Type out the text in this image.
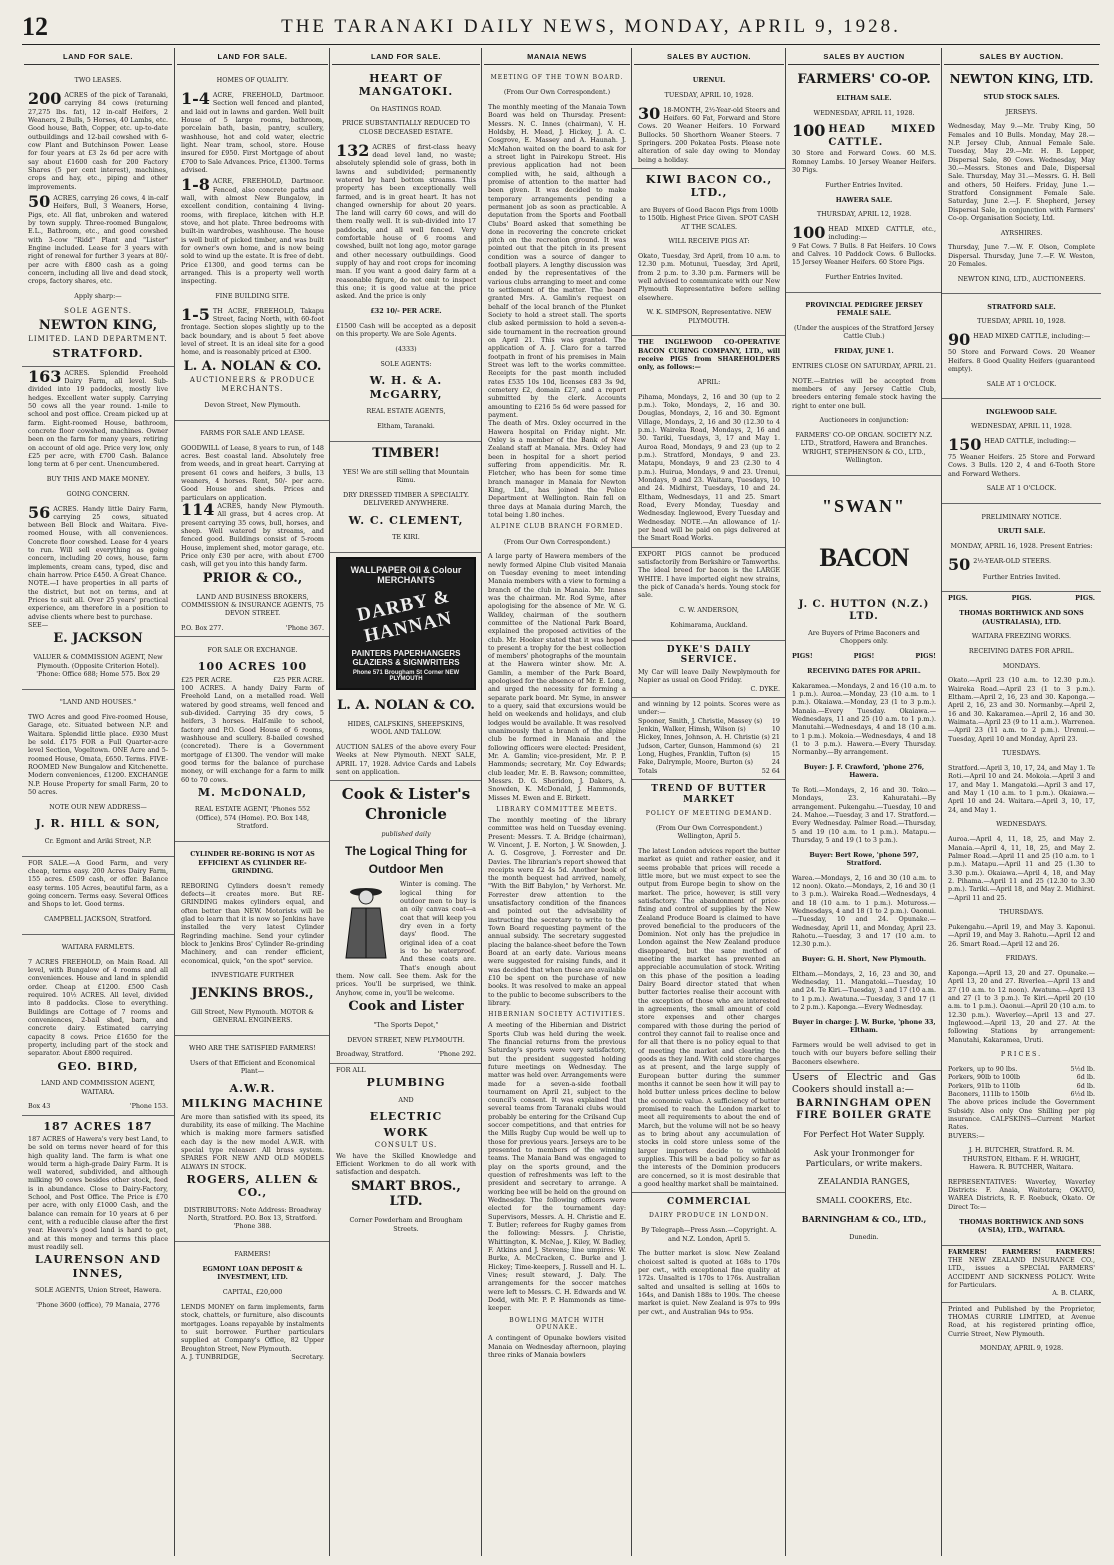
12	THE TARANAKI DAILY NEWS, MONDAY, APRIL 9, 1928.
LAND FOR SALE.

TWO LEASES.

200 ACRES of the pick of Taranaki, carrying 84 cows (returning 27,275 lbs. fat), 12 in-calf Heifers, 2 Weaners, 2 Bulls, 5 Horses, 40 Lambs, etc. Good house, Bath, Copper, etc. up-to-date outbuildings and 12-bail cowshed with 6-cow Plant and Butchinson Power. Lease for four years at £3 2s 6d per acre with say about £1600 cash for 200 Factory Shares (5 per cent interest), machines, crops and hay, etc., piping and other improvements.

50 ACRES, carrying 26 cows, 4 in-calf Heifers, Bull, 3 Weaners, Horse, Pigs, etc. All flat, unbroken and watered by town supply. Three-roomed Bungalow, E.L., Bathroom, etc., and good cowshed with 3-cow "Ridd" Plant and "Lister" Engine included. Lease for 3 years with right of renewal for further 3 years at 80/- per acre with £800 cash as a going concern, including all live and dead stock, crops, factory shares, etc.

Apply sharp:—

SOLE AGENTS.

NEWTON KING,

LIMITED. LAND DEPARTMENT.

STRATFORD.

163 ACRES. Splendid Freehold Dairy Farm, all level. Sub-divided into 19 paddocks, mostly live hedges. Excellent water supply. Carrying 50 cows all the year round. 1-mile to school and post office. Cream picked up at farm. Eight-roomed House, bathroom, concrete floor cowshed, machines. Owner been on the farm for many years, retiring on account of old age. Price very low, only £25 per acre, with £700 Cash. Balance long term at 6 per cent. Unencumbered.

BUY THIS AND MAKE MONEY.

GOING CONCERN.

56 ACRES. Handy little Dairy Farm, carrying 25 cows, situated between Bell Block and Waitara. Five-roomed House, with all conveniences. Concrete floor cowshed. Lease for 4 years to run. Will sell everything as going concern, including 20 cows, house, farm implements, cream cans, typed, disc and chain harrow. Price £450. A Great Chance.

NOTE.—I have properties in all parts of the district, but not on terms, and at Prices to suit all. Over 25 years' practical experience, am therefore in a position to advise clients where best to purchase.

SEE—

E. JACKSON

VALUER & COMMISSION AGENT, New Plymouth. (Opposite Criterion Hotel). 'Phone: Office 688; Home 575. Box 29

"LAND AND HOUSES."

TWO Acres and good Five-roomed House, Garage, etc. Situated between N.P. and Waitara. Splendid little place. £930 Must be sold. £175 FOR a Full Quarter-acre level Section, Vogeltown. ONE Acre and 5-roomed House, Omata, £650. Terms. FIVE-ROOMED New Bungalow and Kitchenette. Modern conveniences, £1200. EXCHANGE N.P. House Property for small Farm, 20 to 50 acres.

NOTE OUR NEW ADDRESS—

J. R. HILL & SON,

Cr. Egmont and Ariki Street, N.P.

FOR SALE.—A Good Farm, and very cheap, terms easy. 200 Acres Dairy Farm, 155 acres. £509 cash, or offer. Balance easy terms. 105 Acres, beautiful farm, as a going concern. Terms easy. Several Offices and Shops to let. Good terms.

CAMPBELL JACKSON, Stratford.

WAITARA FARMLETS.

7 ACRES FREEHOLD, on Main Road. All level, with Bungalow of 4 rooms and all conveniences. House and land in splendid order. Cheap at £1200. £500 Cash required. 10½ ACRES. All level, divided into 8 paddocks. Close to everything. Buildings are Cottage of 7 rooms and conveniences, 2-bail shed, barn, and concrete dairy. Estimated carrying capacity 8 cows. Price £1650 for the property, including part of the stock and separator. About £800 required.

GEO. BIRD,

LAND AND COMMISSION AGENT, WAITARA.

Box 43	'Phone 153.

187 ACRES 187

187 ACRES of Hawera's very best Land, to be sold on terms never heard of for this high quality land. The farm is what one would term a high-grade Dairy Farm. It is well watered, subdivided, and although milking 90 cows besides other stock, feed is in abundance. Close to Dairy-Factory, School, and Post Office. The Price is £70 per acre, with only £1000 Cash, and the balance can remain for 10 years at 6 per cent, with a reducible clause after the first year. Hawera's good land is hard to get, and at this money and terms this place must readily sell.

LAURENSON AND INNES,

SOLE AGENTS, Union Street, Hawera.

'Phone 3600 (office), 79 Manaia, 2776

LAND FOR SALE.

HOMES OF QUALITY.

1-4 ACRE, FREEHOLD, Dartmoor. Section well fenced and planted, and laid out in lawns and garden. Well built House of 5 large rooms, bathroom, porcelain bath, basin, pantry, scullery, washhouse, hot and cold water, electric light. Near tram, school, store. House insured for £950. First Mortgage of about £700 to Sale Advances. Price, £1300. Terms advised.

1-8 ACRE, FREEHOLD, Dartmoor. Fenced, also concrete paths and wall, with almost New Bungalow, in excellent condition, containing 4 living-rooms, with fireplace, kitchen with H.P. stove, and hot plate. Three bedrooms with built-in wardrobes, washhouse. The house is well built of picked timber, and was built for owner's own home, and is now being sold to wind up the estate. It is free of debt. Price £1300, and good terms can be arranged. This is a property well worth inspecting.

FINE BUILDING SITE.

1-5 TH ACRE, FREEHOLD, Takapu Street, facing North, with 60-foot frontage. Section slopes slightly up to the back boundary, and is about 5 feet above level of street. It is an ideal site for a good home, and is reasonably priced at £300.

L. A. NOLAN & CO.

AUCTIONEERS & PRODUCE MERCHANTS.

Devon Street, New Plymouth.

FARMS FOR SALE AND LEASE.

GOODWILL of Lease, 8 years to run, of 148 acres. Best coastal land. Absolutely free from weeds, and in great heart. Carrying at present 61 cows and heifers, 3 bulls, 13 weaners, 4 horses. Rent, 50/- per acre. Good House and sheds. Prices and particulars on application.

114 ACRES, handy New Plymouth. All grass, but 4 acres crop. At present carrying 35 cows, bull, horses, and sheep. Well watered by streams, and fenced good. Buildings consist of 5-room House, implement shed, motor garage, etc. Price only £30 per acre, with about £700 cash, will get you into this handy farm.

PRIOR & CO.,

LAND AND BUSINESS BROKERS, COMMISSION & INSURANCE AGENTS, 75 DEVON STREET.

P.O. Box 277.	'Phone 367.

FOR SALE OR EXCHANGE.

100 ACRES 100

£25 PER ACRE.	£25 PER ACRE.

100 ACRES. A handy Dairy Farm of Freehold Land, on a metalled road. Well watered by good streams, well fenced and sub-divided. Carrying 35 dry cows, 5 heifers, 3 horses. Half-mile to school, factory and P.O. Good House of 6 rooms, washhouse and scullery. 8-bailed cowshed (concreted). There is a Government mortgage of £1300. The vendor will make good terms for the balance of purchase money, or will exchange for a farm to milk 60 to 70 cows.

M. McDONALD,

REAL ESTATE AGENT, 'Phones 552 (Office), 574 (Home). P.O. Box 148, Stratford.

CYLINDER RE-BORING IS NOT AS EFFICIENT AS CYLINDER RE-GRINDING.

REBORING Cylinders doesn't remedy defects—it creates more. But RE-GRINDING makes cylinders equal, and often better than NEW. Motorists will be glad to learn that it is now so Jenkins have installed the very latest Cylinder Regrinding machine. Send your cylinder block to Jenkins Bros' Cylinder Re-grinding Machinery, and can render efficient, economical, quick, "on the spot" service.

INVESTIGATE FURTHER

JENKINS BROS.,

Gill Street, New Plymouth. MOTOR & GENERAL ENGINEERS.

WHO ARE THE SATISFIED FARMERS!

Users of that Efficient and Economical Plant—

A.W.R.

MILKING MACHINE

Are more than satisfied with its speed, its durability, its ease of milking. The Machine which is making more farmers satisfied each day is the new model A.W.R. with special type releaser. All brass system. SPARES FOR NEW AND OLD MODELS ALWAYS IN STOCK.

ROGERS, ALLEN & CO.,

DISTRIBUTORS: Note Address: Broadway North, Stratford. P.O. Box 13, Stratford. 'Phone 388.

FARMERS!

EGMONT LOAN DEPOSIT & INVESTMENT, LTD.

CAPITAL, £20,000

LENDS MONEY on farm implements, farm stock, chattels, or furniture, also discounts mortgages. Loans repayable by instalments to suit borrower. Further particulars supplied at Company's Office, 82 Upper Broughton Street, New Plymouth.

A. J. TUNBRIDGE,	Secretary.
LAND FOR SALE.

HEART OF MANGATOKI.

On HASTINGS ROAD.

PRICE SUBSTANTIALLY REDUCED TO CLOSE DECEASED ESTATE.

132 ACRES of first-class heavy dead level land, no waste; absolutely splendid sole of grass, both in lawns and subdivided; permanently watered by hard bottom streams. This property has been exceptionally well farmed, and is in great heart. It has not changed ownership for about 20 years. The land will carry 60 cows, and will do them really well. It is sub-divided into 17 paddocks, and all well fenced. Very comfortable house of 6 rooms and cowshed, built not long ago, motor garage and other necessary outbuildings. Good supply of hay and root crops for incoming man. If you want a good dairy farm at a reasonable figure, do not omit to inspect this one; it is good value at the price asked. And the price is only

£32 10/- PER ACRE.

£1500 Cash will be accepted as a deposit on this property. We are Sole Agents.

(4333)

SOLE AGENTS:

W. H. & A. McGARRY,

REAL ESTATE AGENTS,

Eltham, Taranaki.

TIMBER!

YES! We are still selling that Mountain Rimu.

DRY DRESSED TIMBER A SPECIALTY. DELIVERED ANYWHERE.

W. C. CLEMENT,

TE KIRI.

WALLPAPER Oil & Colour MERCHANTS
DARBY & HANNAN
PAINTERS PAPERHANGERS GLAZIERS & SIGNWRITERS
Phone 571 Brougham St Corner NEW PLYMOUTH

L. A. NOLAN & CO.

HIDES, CALFSKINS, SHEEPSKINS, WOOL AND TALLOW.

AUCTION SALES of the above every Four Weeks at New Plymouth. NEXT SALE, APRIL 17, 1928. Advice Cards and Labels sent on application.

Cook & Lister's

Chronicle

published daily

The Logical Thing for

Outdoor Men

Winter is coming. The logical thing for outdoor men to buy is an oily canvas coat—a coat that will keep you dry even in a forty days' flood. The original idea of a coat is to be waterproof. And these coats are. That's enough about them. Now call. See them. Ask for the prices. You'll be surprised, we think. Anyhow, come in, you'll be welcome.

Cook and Lister

"The Sports Depot,"

DEVON STREET, NEW PLYMOUTH.

Broadway, Stratford.	'Phone 292.

FOR ALL

PLUMBING

AND

ELECTRIC

WORK

CONSULT US.

We have the Skilled Knowledge and Efficient Workmen to do all work with satisfaction and despatch.

SMART BROS., LTD.

Corner Powderham and Brougham Streets.

MANAIA NEWS

MEETING OF THE TOWN BOARD.

(From Our Own Correspondent.)

The monthly meeting of the Manaia Town Board was held on Thursday. Present: Messrs. N. C. Innes (chairman), V. H. Holdsby, H. Mead, J. Hickey, J. A. C. Cosgrove, E. Massey and A. Haunah. J. McMahon waited on the board to ask for a street light in Pairekopu Street. His previous application had not been complied with, he said, although a promise of attention to the matter had been given. It was decided to make temporary arrangements pending a permanent job as soon as practicable. A deputation from the Sports and Football Clubs' Board asked that something be done in recovering the concrete cricket pitch on the recreation ground. It was pointed out that the pitch in its present condition was a source of danger to football players. A lengthy discussion was ended by the representatives of the various clubs arranging to meet and come to settlement of the matter. The board granted Mrs. A. Gamlin's request on behalf of the local branch of the Plunket Society to hold a street stall. The sports club asked permission to hold a seven-a-side tournament in the recreation ground on April 21. This was granted. The application of A. J. Claro for a tarred footpath in front of his premises in Main Street was left to the works committee. Receipts for the past month included rates £535 10s 10d, licenses £83 3s 9d, cemetery £2, domain £27, and a report submitted by the clerk. Accounts amounting to £216 5s 6d were passed for payment.

The death of Mrs. Oxley occurred in the Hawera hospital on Friday night. Mr. Oxley is a member of the Bank of New Zealand staff at Manaia. Mrs. Oxley had been in hospital for a short period suffering from appendicitis. Mr. R. Fletcher, who has been for some time branch manager in Manaia for Newton King, Ltd., has joined the Police Department at Wellington. Rain fell on three days at Manaia during March, the total being 1.80 inches.

ALPINE CLUB BRANCH FORMED.

(From Our Own Correspondent.)

A large party of Hawera members of the newly formed Alpine Club visited Manaia on Tuesday evening to meet intending Manaia members with a view to forming a branch of the club in Manaia. Mr. Innes was the chairman. Mr. Rod Syme, after apologising for the absence of Mr. W. G. Walkley, chairman of the southern committee of the National Park Board, explained the proposed activities of the club. Mr. Hooker stated that it was hoped to present a trophy for the best collection of members' photographs of the mountain at the Hawera winter show. Mr. A. Gamlin, a member of the Park Board, apologised for the absence of Mr. E. Long, and urged the necessity for forming a separate park board. Mr. Syme, in answer to a query, said that excursions would be held on weekends and holidays, and club lodges would be available. It was resolved unanimously that a branch of the alpine club be formed in Manaia and the following officers were elected: President, Mr. A. Gamlin; vice-president, Mr. P. P. Hammonds; secretary, Mr. Coy Edwards; club leader, Mr. E. B. Rawson; committee, Messrs. D. G. Sheridon, J. Dakers, A. Snowden, K. McDonald, J. Hammonds, Misses M. Ewen and E. Birkett.

LIBRARY COMMITTEE MEETS.

The monthly meeting of the library committee was held on Tuesday evening. Present: Messrs. T. A. Bridge (chairman), W. Vincent, J. E. Norton, J. W. Snowden, J. A. G. Cosgrove, J. Forrester and Dr. Davies. The librarian's report showed that receipts were £2 4s 5d. Another book of the month bequest had arrived, namely, "With the Biff Babylon," by Verhorst. Mr. Forrester drew attention to the unsatisfactory condition of the finances and pointed out the advisability of instructing the secretary to write to the Town Board requesting payment of the annual subsidy. The secretary suggested placing the balance-sheet before the Town Board at an early date. Various means were suggested for raising funds, and it was decided that when these are available £10 be spent on the purchase of new books. It was resolved to make an appeal to the public to become subscribers to the library.

HIBERNIAN SOCIETY ACTIVITIES.

A meeting of the Hibernian and District Sports Club was held during the week. The financial returns from the previous Saturday's sports were very satisfactory, but the president suggested holding future meetings on Wednesday. The matter was held over. Arrangements were made for a seven-a-side football tournament on April 21, subject to the council's consent. It was explained that several teams from Taranaki clubs would probably be entering for the Crilsand Cup soccer competitions, and that entries for the Mills Rugby Cup would be well up to those for previous years. Jerseys are to be presented to members of the winning teams. The Manaia Band was engaged to play on the sports ground, and the question of refreshments was left to the president and secretary to arrange. A working bee will be held on the ground on Wednesday. The following officers were elected for the tournament day: Supervisors, Messrs. A. H. Christie and E. T. Butler; referees for Rugby games from the following: Messrs. J. Christie, Whittington, K. McNae, J. Kiley, W. Badley, F. Atkins and J. Stevens; line umpires: W. Burke, A. McCracken, C. Burke and J. Hickey; Time-keepers, J. Russell and H. L. Vines; result steward, J. Daly. The arrangements for the soccer matches were left to Messrs. C. H. Edwards and W. Dodd, with Mr. P. P. Hammonds as time-keeper.

BOWLING MATCH WITH OPUNAKE.

A contingent of Opunake bowlers visited Manaia on Wednesday afternoon, playing three rinks of Manaia bowlers

SALES BY AUCTION.

URENUI.

TUESDAY, APRIL 10, 1928.

30 18-MONTH, 2½-Year-old Steers and Heifers. 60 Fat, Forward and Store Cows. 20 Weaner Heifers. 10 Forward Bullocks. 50 Shorthorn Weaner Steers. 7 Springers. 200 Pokatea Posts. Please note alteration of sale day owing to Monday being a holiday.

KIWI BACON CO., LTD.,

are Buyers of Good Bacon Pigs from 100lb to 150lb. Highest Price Given. SPOT CASH AT THE SCALES.

WILL RECEIVE PIGS AT:

Okato, Tuesday, 3rd April, from 10 a.m. to 12.30 p.m. Motunui, Tuesday, 3rd April, from 2 p.m. to 3.30 p.m. Farmers will be well advised to communicate with our New Plymouth Representative before selling elsewhere.

W. K. SIMPSON, Representative. NEW PLYMOUTH.

THE INGLEWOOD CO-OPERATIVE BACON CURING COMPANY, LTD., will receive PIGS from SHAREHOLDERS only, as follows:—

APRIL:

Pihama, Mondays, 2, 16 and 30 (up to 2 p.m.). Toko, Mondays, 2, 16 and 30. Douglas, Mondays, 2, 16 and 30. Egmont Village, Mondays, 2, 16 and 30 (12.30 to 4 p.m.). Waireka Road, Mondays, 2, 16 and 30. Tariki, Tuesdays, 3, 17 and May 1. Auroa Road, Mondays, 9 and 23 (up to 2 p.m.). Stratford, Mondays, 9 and 23. Matapu, Mondays, 9 and 23 (2.30 to 4 p.m.). Huirua, Mondays, 9 and 23. Urenui, Mondays, 9 and 23. Waitara, Tuesdays, 10 and 24. Midhirst, Tuesdays, 10 and 24. Eltham, Wednesdays, 11 and 25. Smart Road, Every Monday, Tuesday and Wednesday. Inglewood, Every Tuesday and Wednesday. NOTE.—An allowance of 1/- per head will be paid on pigs delivered at the Smart Road Works.

EXPORT PIGS cannot be produced satisfactorily from Berkshire or Tamworths. The ideal breed for bacon is the LARGE WHITE. I have imported eight new strains, the pick of Canada's herds. Young stock for sale.

C. W. ANDERSON,

Kohimarama, Auckland.

DYKE'S DAILY SERVICE.

My Car will leave Daily Newplymouth for Napier as usual on Good Friday.

C. DYKE.

and winning by 12 points. Scores were as under:—

Spooner, Smith, J. Christie, Massey (s) 19
Jenkin, Walker, Himsh, Wilson (s)	10
Hickey, Innes, Johnson, A. H. Christie (s) 21
Judson, Carter, Gunson, Hammond (s) 21
Long, Hughes, Franklin, Tufton (s)	15
Fake, Dalrymple, Moore, Burton (s)	24
Totals	52 64

TREND OF BUTTER MARKET

POLICY OF MEETING DEMAND.

(From Our Own Correspondent.) Wellington, April 5.

The latest London advices report the butter market as quiet and rather easier, and it seems probable that prices will recede a little more, but we must expect to see the output from Europe begin to show on the market. The price, however, is still very satisfactory. The abandonment of price-fixing and control of supplies by the New Zealand Produce Board is claimed to have proved beneficial to the producers of the Dominion. Not only has the prejudice in London against the New Zealand produce disappeared, but the sane method of meeting the market has prevented an appreciable accumulation of stock. Writing on this phase of the position a leading Dairy Board director stated that when butter factories realise their account with the exception of those who are interested in agreements, the small amount of cold store expenses and other charges compared with those during the period of control they cannot fail to realise once and for all that there is no policy equal to that of meeting the market and clearing the goods as they land. With cold store charges as at present, and the large supply of European butter during the summer months it cannot be seen how it will pay to hold butter unless prices decline to below the economic value. A sufficiency of butter promised to reach the London market to meet all requirements to about the end of March, but the volume will not be so heavy as to bring about any accumulation of stocks in cold store unless some of the larger importers decide to withhold supplies. This will be a bad policy so far as the interests of the Dominion producers are concerned, so it is most desirable that a good healthy market shall be maintained.

COMMERCIAL

DAIRY PRODUCE IN LONDON.

By Telegraph—Press Assn.—Copyright. A. and N.Z. London, April 5.

The butter market is slow. New Zealand choicest salted is quoted at 168s to 170s per cwt., with exceptional fine quality at 172s. Unsalted is 170s to 176s. Australian salted and unsalted is selling at 160s to 164s, and Danish 188s to 190s. The cheese market is quiet. New Zealand is 97s to 99s per cwt., and Australian 94s to 95s.

SALES BY AUCTION

FARMERS' CO-OP.

ELTHAM SALE.

WEDNESDAY, APRIL 11, 1928.

100 HEAD MIXED CATTLE.

30 Store and Forward Cows. 60 M.S. Romney Lambs. 10 Jersey Weaner Heifers. 30 Pigs.

Further Entries Invited.

HAWERA SALE.

THURSDAY, APRIL 12, 1928.

100 HEAD MIXED CATTLE, etc., including:—

9 Fat Cows. 7 Bulls. 8 Fat Heifers. 10 Cows and Calves. 10 Paddock Cows. 6 Bullocks. 15 Jersey Weaner Heifers. 60 Store Pigs.

Further Entries Invited.

PROVINCIAL PEDIGREE JERSEY FEMALE SALE.

(Under the auspices of the Stratford Jersey Cattle Club.)

FRIDAY, JUNE 1.

ENTRIES CLOSE ON SATURDAY, APRIL 21.

NOTE.—Entries will be accepted from members of any Jersey Cattle Club, breeders entering female stock having the right to enter one bull.

Auctioneers in conjunction:

FARMERS' CO-OP. ORGAN. SOCIETY N.Z. LTD., Stratford, Hawera and Branches. WRIGHT, STEPHENSON & CO., LTD., Wellington.

"SWAN"

BACON

J. C. HUTTON (N.Z.) LTD.

Are Buyers of Prime Baconers and Choppers only.

PIGS!	PIGS!	PIGS!

RECEIVING DATES FOR APRIL.

Kakaramea.—Mondays, 2 and 16 (10 a.m. to 1 p.m.). Auroa.—Monday, 23 (10 a.m. to 1 p.m.). Okaiawa.—Monday, 23 (1 to 3 p.m.). Manaia.—Every Tuesday. Okaiawa.—Wednesdays, 11 and 25 (10 a.m. to 1 p.m.). Manutahi.—Wednesdays, 4 and 18 (10 a.m. to 1 p.m.). Mokoia.—Wednesdays, 4 and 18 (1 to 3 p.m.). Hawera.—Every Thursday. Normanby.—By arrangement.

Buyer: J. F. Crawford, 'phone 276, Hawera.

Te Roti.—Mondays, 2, 16 and 30. Toko.—Mondays, 23. Kahuratahi.—By arrangement. Pukengahu.—Tuesday, 10 and 24. Mahoe.—Tuesday, 3 and 17. Stratford.—Every Wednesday. Palmer Road.—Thursday, 5 and 19 (10 a.m. to 1 p.m.). Matapu.—Thursday, 5 and 19 (1 to 3 p.m.).

Buyer: Bert Rowe, 'phone 597, Stratford.

Warea.—Mondays, 2, 16 and 30 (10 a.m. to 12 noon). Okato.—Mondays, 2, 16 and 30 (1 to 3 p.m.). Waireka Road.—Wednesdays, 4 and 18 (10 a.m. to 1 p.m.). Motuross.—Wednesdays, 4 and 18 (1 to 2 p.m.). Oaonui.—Tuesday, 10 and 24. Opunake.—Wednesday, April 11, and Monday, April 23. Rahotu.—Tuesday, 3 and 17 (10 a.m. to 12.30 p.m.).

Buyer: G. H. Short, New Plymouth.

Eltham.—Mondays, 2, 16, 23 and 30, and Wednesday, 11. Mangatoki.—Tuesday, 10 and 24. Te Kiri.—Tuesday, 3 and 17 (10 a.m. to 1 p.m.). Awatuna.—Tuesday, 3 and 17 (1 to 2 p.m.). Kaponga.—Every Wednesday.

Buyer in charge: J. W. Burke, 'phone 33, Eltham.

Farmers would be well advised to get in touch with our buyers before selling their Baconers elsewhere.

Users of Electric and Gas Cookers should install a:—

BARNINGHAM OPEN FIRE BOILER GRATE

For Perfect Hot Water Supply.

Ask your Ironmonger for Particulars, or write makers.

ZEALANDIA RANGES,

SMALL COOKERS, Etc.

BARNINGHAM & CO., LTD.,

Dunedin.

SALES BY AUCTION.

NEWTON KING, LTD.

STUD STOCK SALES.

JERSEYS.

Wednesday, May 9.—Mr. Truby King, 50 Females and 10 Bulls. Monday, May 28.—N.P. Jersey Club, Annual Female Sale. Tuesday, May 29.—Mr. H. B. Lepper, Dispersal Sale, 80 Cows. Wednesday, May 30.—Messrs. Stones and Dale, Dispersal Sale. Thursday, May 31.—Messrs. G. H. Bell and others, 50 Heifers. Friday, June 1.—Stratford Consignment Female Sale. Saturday, June 2.—J. F. Shepherd, Jersey Dispersal Sale, in conjunction with Farmers' Co-op. Organisation Society, Ltd.

AYRSHIRES.

Thursday, June 7.—W. F. Olson, Complete Dispersal. Thursday, June 7.—F. W. Weston, 20 Females.

NEWTON KING, LTD., AUCTIONEERS.

STRATFORD SALE.

TUESDAY, APRIL 10, 1928.

90 HEAD MIXED CATTLE, including:—

50 Store and Forward Cows. 20 Weaner Heifers. 8 Good Quality Heifers (guaranteed empty).

SALE AT 1 O'CLOCK.

INGLEWOOD SALE.

WEDNESDAY, APRIL 11, 1928.

150 HEAD CATTLE, including:—

75 Weaner Heifers. 25 Store and Forward Cows. 3 Bulls. 120 2, 4 and 6-Tooth Store and Forward Wethers.

SALE AT 1 O'CLOCK.

PRELIMINARY NOTICE.

URUTI SALE.

MONDAY, APRIL 16, 1928. Present Entries:

50 2½-YEAR-OLD STEERS.

Further Entries Invited.

PIGS.	PIGS.	PIGS.

THOMAS BORTHWICK AND SONS (AUSTRALASIA), LTD.

WAITARA FREEZING WORKS.

RECEIVING DATES FOR APRIL.

MONDAYS.

Okato.—April 23 (10 a.m. to 12.30 p.m.). Waireka Road.—April 23 (1 to 3 p.m.). Eltham.—April 2, 16, 23 and 30. Kaponga.—April 2, 16, 23 and 30. Normanby.—April 2, 16 and 30. Kakaramea.—April 2, 16 and 30. Waimata.—April 23 (9 to 11 a.m.). Warrenea.—April 23 (11 a.m. to 2 p.m.). Urenui.—Tuesday, April 10 and Monday, April 23.

TUESDAYS.

Stratford.—April 3, 10, 17, 24, and May 1. Te Roti.—April 10 and 24. Mokoia.—April 3 and 17, and May 1. Mangatoki.—April 3 and 17, and May 1 (10 a.m. to 1 p.m.). Okaiawa.—April 10 and 24. Waitara.—April 3, 10, 17, 24, and May 1.

WEDNESDAYS.

Auroa.—April 4, 11, 18, 25, and May 2. Manaia.—April 4, 11, 18, 25, and May 2. Palmer Road.—April 11 and 25 (10 a.m. to 1 p.m.). Matapu.—April 11 and 25 (1.30 to 3.30 p.m.). Okaiawa.—April 4, 18, and May 2. Pihama.—April 11 and 25 (12.30 to 3.30 p.m.). Tariki.—April 18, and May 2. Midhirst.—April 11 and 25.

THURSDAYS.

Pukengahu.—April 19, and May 3. Kaponui.—April 19, and May 3. Rahotu.—April 12 and 26. Smart Road.—April 12 and 26.

FRIDAYS.

Kaponga.—April 13, 20 and 27. Opunake.—April 13, 20 and 27. Riverlea.—April 13 and 27 (10 a.m. to 12 noon). Awatuna.—April 13 and 27 (1 to 3 p.m.). Te Kiri.—April 20 (10 a.m. to 1 p.m.). Oaonui.—April 20 (10 a.m. to 12.30 p.m.). Waverley.—April 13 and 27. Inglewood.—April 13, 20 and 27. At the following Stations by arrangement: Manutahi, Kakaramea, Uruti.

PRICES.

Porkers, up to 90 lbs.	5½d lb.
Porkers, 90lb to 100lb	6d lb.
Porkers, 91lb to 110lb	6d lb.
Baconers, 111lb to 150lb	6½d lb.

The above prices include the Government Subsidy. Also only One Shilling per pig insurance. CALFSKINS—Current Market Rates.

BUYERS:—

J. H. BUTCHER, Stratford. R. M. THURSTON, Eltham. F. H. WRIGHT, Hawera. R. BUTCHER, Waitara.

REPRESENTATIVES: Waverley, Waverley Districts: F. Anaia, Waitotara; OKATO, WAREA Districts, R. F. Roebuck, Okato. Or Direct To:—

THOMAS BORTHWICK AND SONS (A'SIA), LTD., WAITARA.

FARMERS! FARMERS! FARMERS!

THE NEW ZEALAND INSURANCE CO., LTD., issues a SPECIAL FARMERS' ACCIDENT AND SICKNESS POLICY. Write for Particulars.

A. B. CLARK,

Printed and Published by the Proprietor, THOMAS CURRIE LIMITED, at Avenue Road, at his registered printing office, Currie Street, New Plymouth.

MONDAY, APRIL 9, 1928.
